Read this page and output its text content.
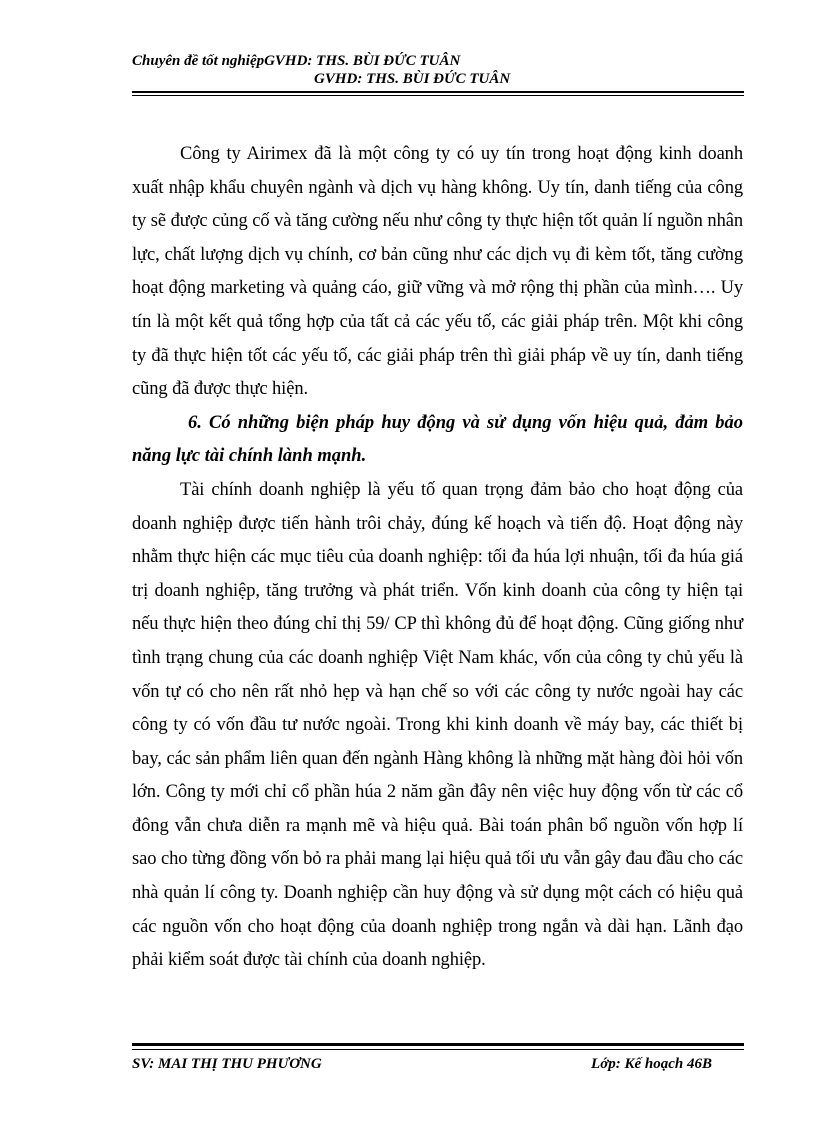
Chuyên đề tốt nghiệpGVHD: THS. BÙI ĐỨC TUÂN
GVHD: THS. BÙI ĐỨC TUÂN

Công ty Airimex đã là một công ty có uy tín trong hoạt động kinh doanh xuất nhập khẩu chuyên ngành và dịch vụ hàng không. Uy tín, danh tiếng của công ty sẽ được củng cố và tăng cường nếu như công ty thực hiện tốt quản lí nguồn nhân lực, chất lượng dịch vụ chính, cơ bản cũng như các dịch vụ đi kèm tốt, tăng cường hoạt động marketing và quảng cáo, giữ vững và mở rộng thị phần của mình…. Uy tín là một kết quả tổng hợp của tất cả các yếu tố, các giải pháp trên. Một khi công ty đã thực hiện tốt các yếu tố, các giải pháp trên thì giải pháp về uy tín, danh tiếng cũng đã được thực hiện.

6. Có những biện pháp huy động và sử dụng vốn hiệu quả, đảm bảo năng lực tài chính lành mạnh.

Tài chính doanh nghiệp là yếu tố quan trọng đảm bảo cho hoạt động của doanh nghiệp được tiến hành trôi chảy, đúng kế hoạch và tiến độ. Hoạt động này nhằm thực hiện các mục tiêu của doanh nghiệp: tối đa húa lợi nhuận, tối đa húa giá trị doanh nghiệp, tăng trưởng và phát triển. Vốn kinh doanh của công ty hiện tại nếu thực hiện theo đúng chỉ thị 59/ CP thì không đủ để hoạt động. Cũng giống như tình trạng chung của các doanh nghiệp Việt Nam khác, vốn của công ty chủ yếu là vốn tự có cho nên rất nhỏ hẹp và hạn chế so với các công ty nước ngoài hay các công ty có vốn đầu tư nước ngoài. Trong khi kinh doanh về máy bay, các thiết bị bay, các sản phẩm liên quan đến ngành Hàng không là những mặt hàng đòi hỏi vốn lớn. Công ty mới chỉ cổ phần húa 2 năm gần đây nên việc huy động vốn từ các cổ đông vẫn chưa diễn ra mạnh mẽ và hiệu quả. Bài toán phân bổ nguồn vốn hợp lí sao cho từng đồng vốn bỏ ra phải mang lại hiệu quả tối ưu vẫn gây đau đầu cho các nhà quản lí công ty. Doanh nghiệp cần huy động và sử dụng một cách có hiệu quả các nguồn vốn cho hoạt động của doanh nghiệp trong ngắn và dài hạn. Lãnh đạo phải kiểm soát được tài chính của doanh nghiệp.

SV: MAI THỊ THU PHƯƠNG	Lớp: Kế hoạch 46B
